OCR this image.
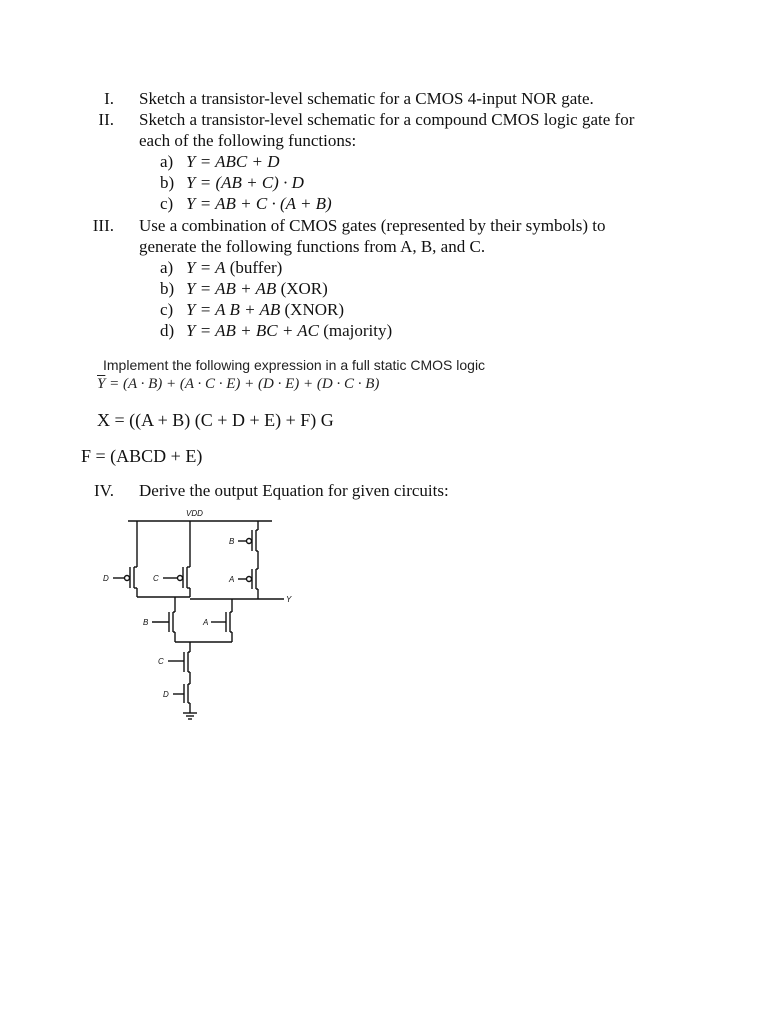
I. Sketch a transistor-level schematic for a CMOS 4-input NOR gate.
II. Sketch a transistor-level schematic for a compound CMOS logic gate for
each of the following functions:
a) Y = ABC + D
b) Y = (AB + C) · D
c) Y = AB + C · (A + B)
III. Use a combination of CMOS gates (represented by their symbols) to
generate the following functions from A, B, and C.
a) Y = A (buffer)
b) Y = AB + AB (XOR)
c) Y = A B + AB (XNOR)
d) Y = AB + BC + AC (majority)
Implement the following expression in a full static CMOS logic
$\overline{Y} = (A \cdot B) + (A \cdot C \cdot E) + (D \cdot E) + (D \cdot C \cdot B)$
X = ((A + B) (C + D + E) + F) G
F = (ABCD + E)
IV. Derive the output Equation for given circuits:
VDD
D	C
B
A
B	A
C
D
Y
